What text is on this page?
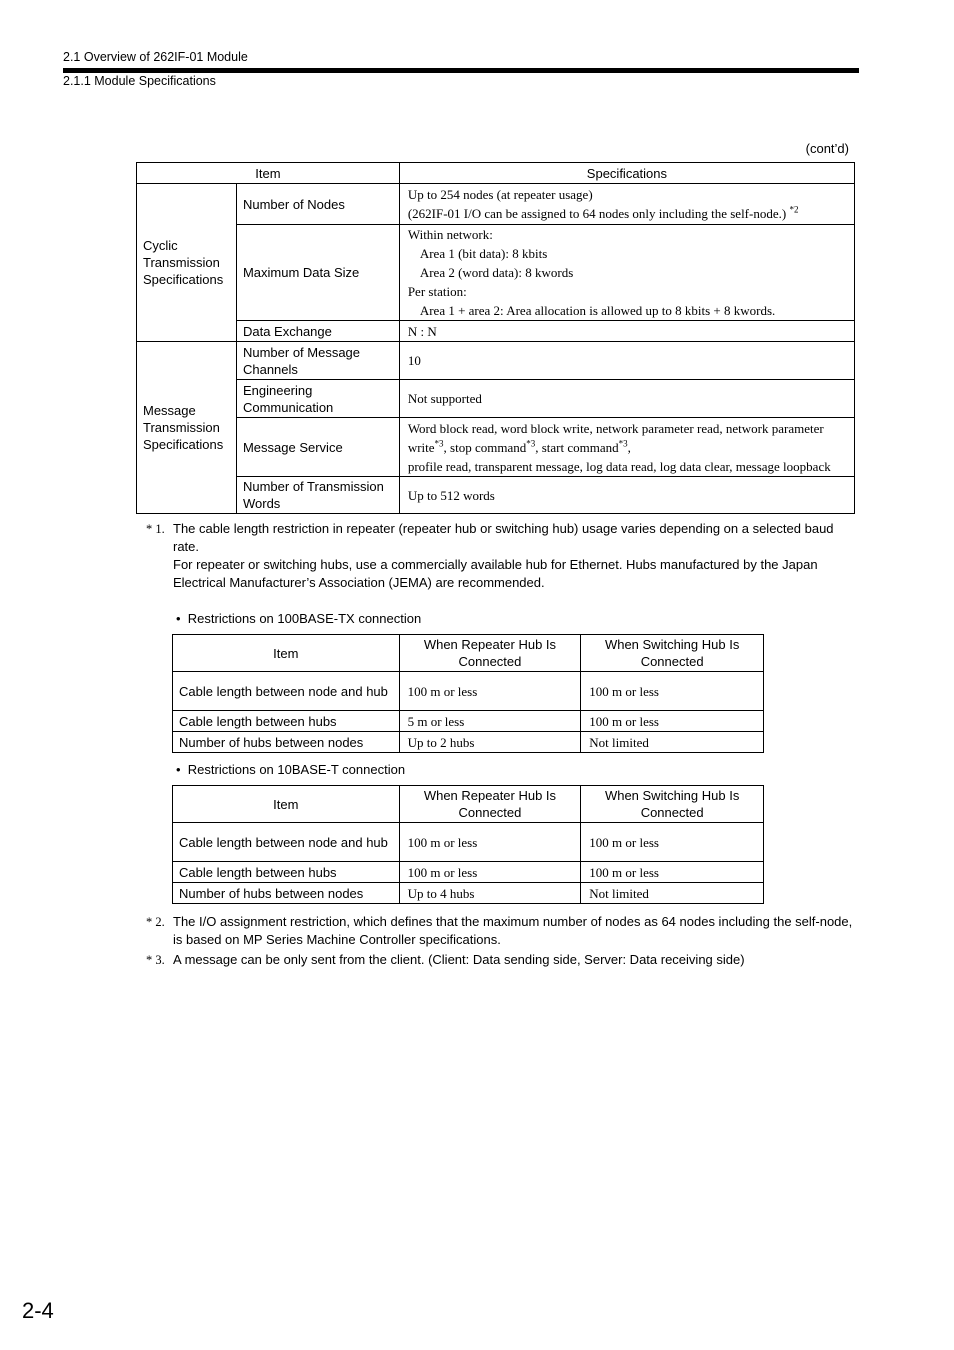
2.1 Overview of 262IF-01 Module
2.1.1 Module Specifications
(cont’d)
Item		Specifications
Cyclic Transmission Specifications	Number of Nodes	Up to 254 nodes (at repeater usage)
(262IF-01 I/O can be assigned to 64 nodes only including the self-node.) $^{*2}$
	Maximum Data Size	Within network:
Area 1 (bit data): 8 kbits
Area 2 (word data): 8 kwords
Per station:
Area 1 + area 2: Area allocation is allowed up to 8 kbits + 8 kwords.

	Data Exchange	N : N
Message Transmission Specifications	Number of Message Channels	10
	Engineering Communication	Not supported
	Message Service	Word block read, word block write, network parameter read, network parameter write$^{*3}$, stop command$^{*3}$, start command$^{*3}$,
profile read, transparent message, log data read, log data clear, message loopback
	Number of Transmission Words	Up to 512 words
* 1. The cable length restriction in repeater (repeater hub or switching hub) usage varies depending on a selected baud rate.
For repeater or switching hubs, use a commercially available hub for Ethernet. Hubs manufactured by the Japan Electrical Manufacturer’s Association (JEMA) are recommended.
• Restrictions on 100BASE-TX connection
Item	When Repeater Hub Is Connected	When Switching Hub Is Connected
Cable length between node and hub	100 m or less	100 m or less
Cable length between hubs	5 m or less	100 m or less
Number of hubs between nodes	Up to 2 hubs	Not limited
• Restrictions on 10BASE-T connection
Item	When Repeater Hub Is Connected	When Switching Hub Is Connected
Cable length between node and hub	100 m or less	100 m or less
Cable length between hubs	100 m or less	100 m or less
Number of hubs between nodes	Up to 4 hubs	Not limited
* 2. The I/O assignment restriction, which defines that the maximum number of nodes as 64 nodes including the self-node, is based on MP Series Machine Controller specifications.
* 3. A message can be only sent from the client. (Client: Data sending side, Server: Data receiving side)
2-4
